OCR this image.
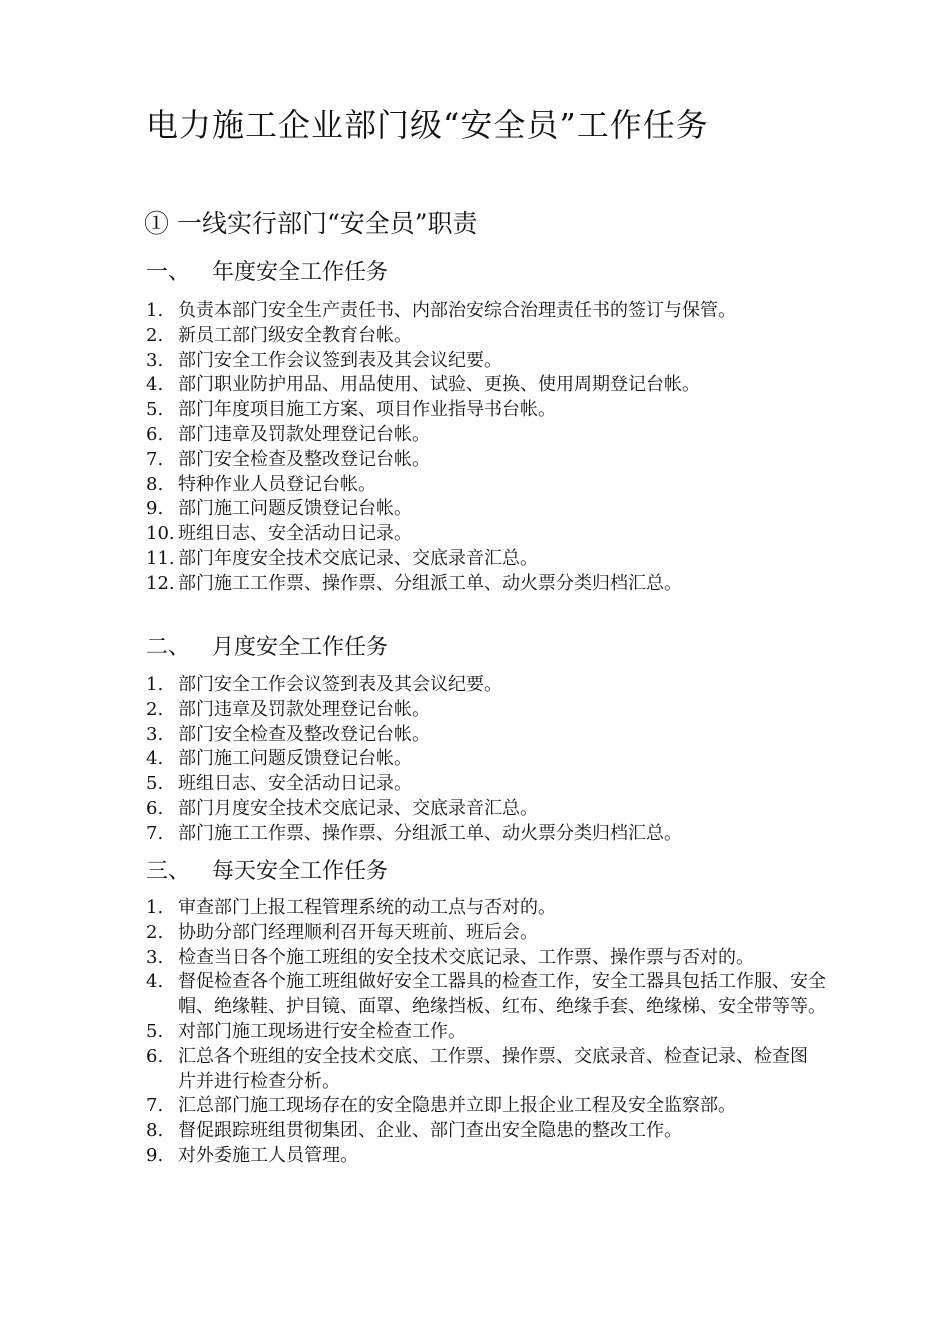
电力施工企业部门级“安全员”工作任务
① 一线实行部门“安全员”职责
一、 年度安全工作任务
1. 负责本部门安全生产责任书、内部治安综合治理责任书的签订与保管。
2. 新员工部门级安全教育台帐。
3. 部门安全工作会议签到表及其会议纪要。
4. 部门职业防护用品、用品使用、试验、更换、使用周期登记台帐。
5. 部门年度项目施工方案、项目作业指导书台帐。
6. 部门违章及罚款处理登记台帐。
7. 部门安全检查及整改登记台帐。
8. 特种作业人员登记台帐。
9. 部门施工问题反馈登记台帐。
10. 班组日志、安全活动日记录。
11. 部门年度安全技术交底记录、交底录音汇总。
12. 部门施工工作票、操作票、分组派工单、动火票分类归档汇总。
二、 月度安全工作任务
1. 部门安全工作会议签到表及其会议纪要。
2. 部门违章及罚款处理登记台帐。
3. 部门安全检查及整改登记台帐。
4. 部门施工问题反馈登记台帐。
5. 班组日志、安全活动日记录。
6. 部门月度安全技术交底记录、交底录音汇总。
7. 部门施工工作票、操作票、分组派工单、动火票分类归档汇总。
三、 每天安全工作任务
1. 审查部门上报工程管理系统的动工点与否对的。
2. 协助分部门经理顺利召开每天班前、班后会。
3. 检查当日各个施工班组的安全技术交底记录、工作票、操作票与否对的。
4. 督促检查各个施工班组做好安全工器具的检查工作，安全工器具包括工作服、安全帽、绝缘鞋、护目镜、面罩、绝缘挡板、红布、绝缘手套、绝缘梯、安全带等等。
5. 对部门施工现场进行安全检查工作。
6. 汇总各个班组的安全技术交底、工作票、操作票、交底录音、检查记录、检查图片并进行检查分析。
7. 汇总部门施工现场存在的安全隐患并立即上报企业工程及安全监察部。
8. 督促跟踪班组贯彻集团、企业、部门查出安全隐患的整改工作。
9. 对外委施工人员管理。
